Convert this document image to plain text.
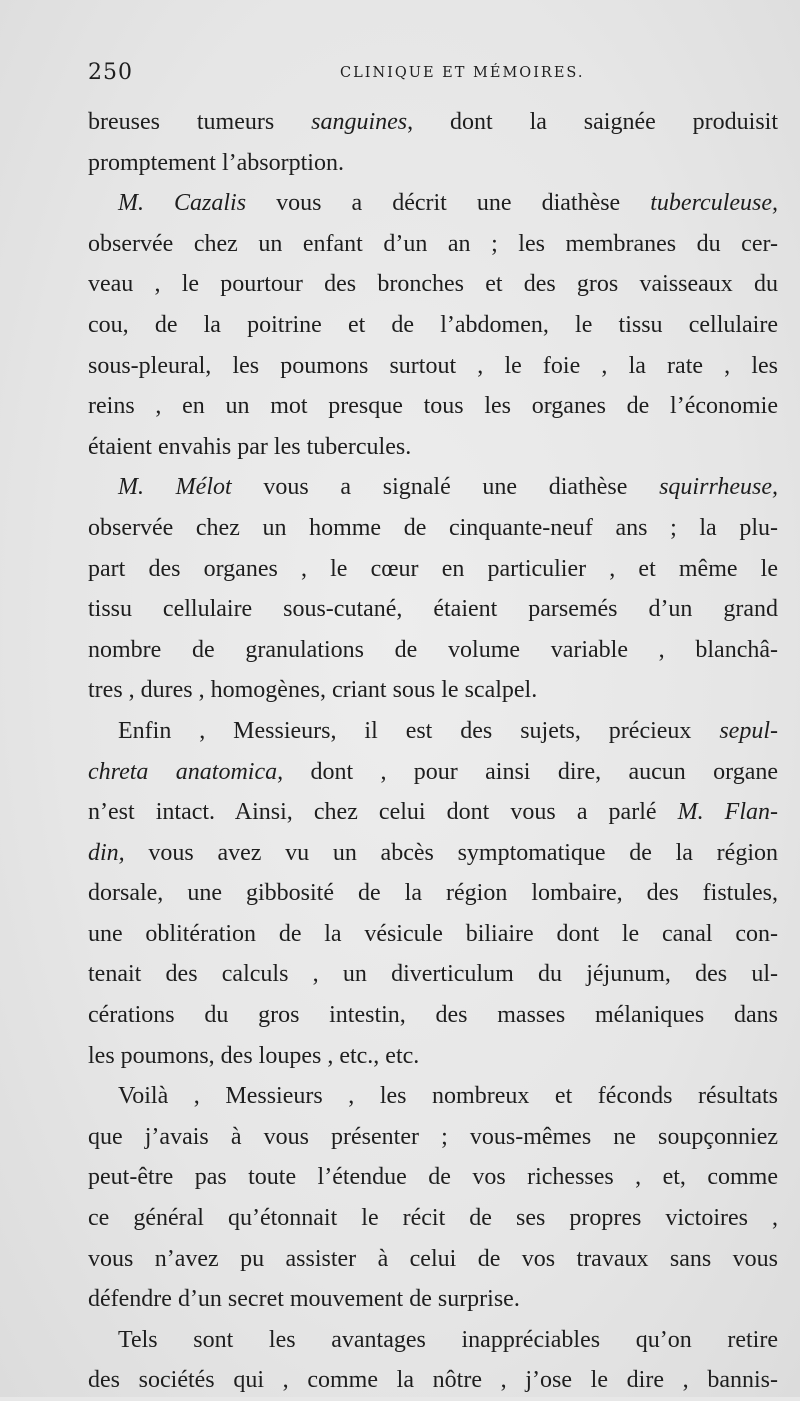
250	CLINIQUE ET MÉMOIRES.
breuses tumeurs sanguines, dont la saignée produisit
promptement l’absorption.
M. Cazalis vous a décrit une diathèse tuberculeuse,
observée chez un enfant d’un an ; les membranes du cer-
veau , le pourtour des bronches et des gros vaisseaux du
cou, de la poitrine et de l’abdomen, le tissu cellulaire
sous-pleural, les poumons surtout , le foie , la rate , les
reins , en un mot presque tous les organes de l’économie
étaient envahis par les tubercules.
M. Mélot vous a signalé une diathèse squirrheuse,
observée chez un homme de cinquante-neuf ans ; la plu-
part des organes , le cœur en particulier , et même le
tissu cellulaire sous-cutané, étaient parsemés d’un grand
nombre de granulations de volume variable , blanchâ-
tres , dures , homogènes, criant sous le scalpel.
Enfin , Messieurs, il est des sujets, précieux sepul-
chreta anatomica, dont , pour ainsi dire, aucun organe
n’est intact. Ainsi, chez celui dont vous a parlé M. Flan-
din, vous avez vu un abcès symptomatique de la région
dorsale, une gibbosité de la région lombaire, des fistules,
une oblitération de la vésicule biliaire dont le canal con-
tenait des calculs , un diverticulum du jéjunum, des ul-
cérations du gros intestin, des masses mélaniques dans
les poumons, des loupes , etc., etc.
Voilà , Messieurs , les nombreux et féconds résultats
que j’avais à vous présenter ; vous-mêmes ne soupçonniez
peut-être pas toute l’étendue de vos richesses , et, comme
ce général qu’étonnait le récit de ses propres victoires ,
vous n’avez pu assister à celui de vos travaux sans vous
défendre d’un secret mouvement de surprise.
Tels sont les avantages inappréciables qu’on retire
des sociétés qui , comme la nôtre , j’ose le dire , bannis-
